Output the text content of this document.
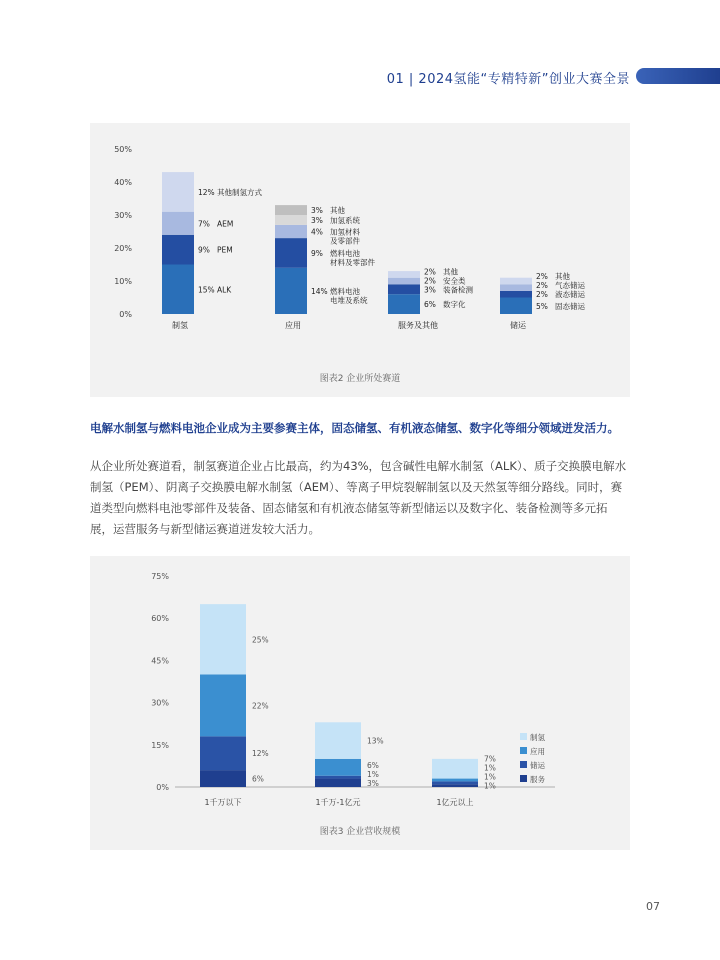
01 | 2024氢能“专精特新”创业大赛全景
0%
10%
20%
30%
40%
50%
15% ALK
9% PEM
7% AEM
12% 其他制氢方式
制氢
14% 燃料电池
电堆及系统
9% 燃料电池
材料及零部件
4% 加氢材料
及零部件
3% 加氢系统
3% 其他
应用
6% 数字化
3% 装备检测
2% 安全类
2% 其他
服务及其他
5% 固态储运
2% 液态储运
2% 气态储运
2% 其他
储运
图表2 企业所处赛道
电解水制氢与燃料电池企业成为主要参赛主体，固态储氢、有机液态储氢、数字化等细分领域迸发活力。
从企业所处赛道看，制氢赛道企业占比最高，约为43%，包含碱性电解水制氢（ALK）、质子交换膜电解水制氢（PEM）、阴离子交换膜电解水制氢（AEM）、等离子甲烷裂解制氢以及天然氢等细分路线。同时，赛道类型向燃料电池零部件及装备、固态储氢和有机液态储氢等新型储运以及数字化、装备检测等多元拓展，运营服务与新型储运赛道迸发较大活力。
0%
15%
30%
45%
60%
75%
6%
12%
22%
25%
1千万以下
3%
1%
6%
13%
1千万-1亿元
1%
1%
1%
7%
1亿元以上
制氢
应用
储运
服务
图表3 企业营收规模
07
